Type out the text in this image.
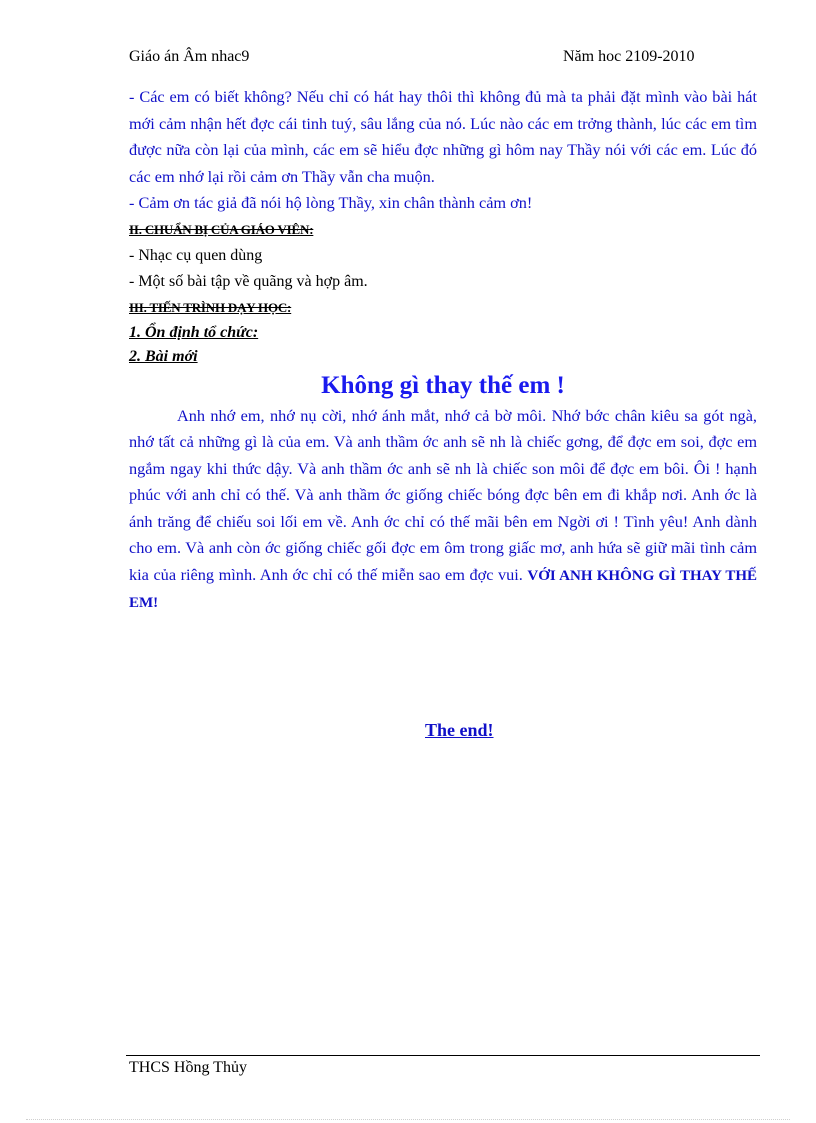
Giáo án Âm nhac9	Năm hoc 2109-2010

- Các em có biết không? Nếu chỉ có hát hay thôi thì không đủ mà ta phải đặt mình vào bài hát mới cảm nhận hết đợc cái tinh tuý, sâu lắng của nó. Lúc nào các em trởng thành, lúc các em tìm được nữa còn lại của mình, các em sẽ hiểu đợc những gì hôm nay Thầy nói với các em. Lúc đó các em nhớ lại rồi cảm ơn Thầy vẫn cha muộn.

- Cảm ơn tác giả đã nói hộ lòng Thầy, xin chân thành cảm ơn!

II. CHUẨN BỊ CỦA GIÁO VIÊN:

- Nhạc cụ quen dùng

- Một số bài tập về quãng và hợp âm.

III. TIẾN TRÌNH DẠY HỌC:

1. Ổn định tổ chức:

2. Bài mới

Không gì thay thế em !

Anh nhớ em, nhớ nụ cời, nhớ ánh mắt, nhớ cả bờ môi. Nhớ bớc chân kiêu sa gót ngà, nhớ tất cả những gì là của em. Và anh thầm ớc anh sẽ nh là chiếc gơng, để đợc em soi, đợc em ngắm ngay khi thức dậy. Và anh thầm ớc anh sẽ nh là chiếc son môi để đợc em bôi. Ôi ! hạnh phúc với anh chỉ có thế. Và anh thầm ớc giống chiếc bóng đợc bên em đi khắp nơi. Anh ớc là ánh trăng để chiếu soi lối em về. Anh ớc chỉ có thế mãi bên em Ngời ơi ! Tình yêu! Anh dành cho em. Và anh còn ớc giống chiếc gối đợc em ôm trong giấc mơ, anh hứa sẽ giữ mãi tình cảm kia của riêng mình. Anh ớc chỉ có thế miễn sao em đợc vui. VỚI ANH KHÔNG GÌ THAY THẾ EM!

The end!
THCS Hồng Thủy
